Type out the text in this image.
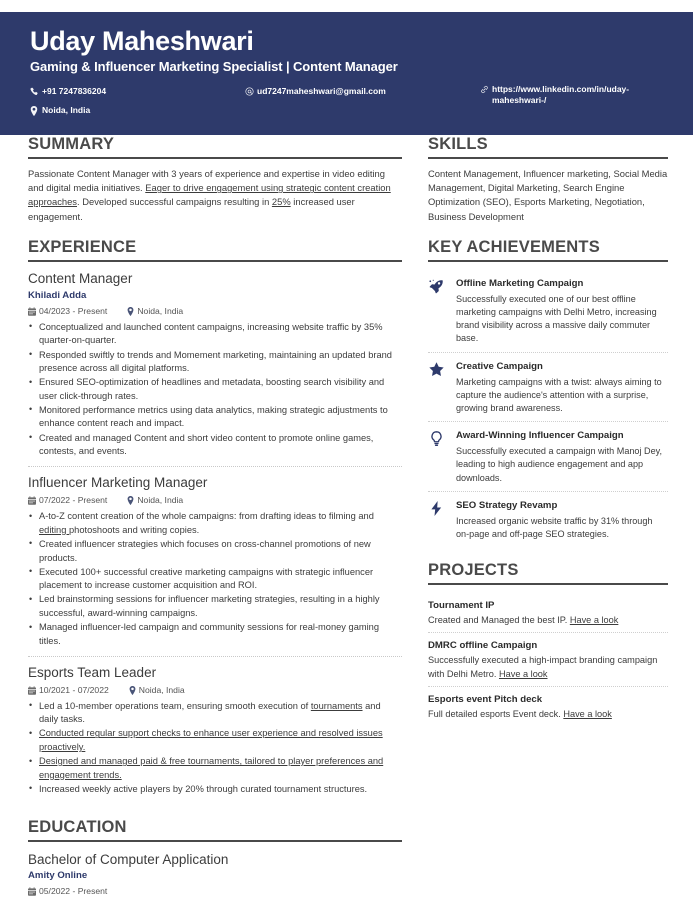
Uday Maheshwari
Gaming & Influencer Marketing Specialist | Content Manager
+91 7247836204
Noida, India
ud7247maheshwari@gmail.com	https://www.linkedin.com/in/uday-maheshwari-/
SUMMARY
Passionate Content Manager with 3 years of experience and expertise in video editing and digital media initiatives. Eager to drive engagement using strategic content creation approaches. Developed successful campaigns resulting in 25% increased user engagement.
EXPERIENCE
Content Manager
Khiladi Adda
04/2023 - Present	Noida, India
• Conceptualized and launched content campaigns, increasing website traffic by 35% quarter-on-quarter.
• Responded swiftly to trends and Momement marketing, maintaining an updated brand presence across all digital platforms.
• Ensured SEO-optimization of headlines and metadata, boosting search visibility and user click-through rates.
• Monitored performance metrics using data analytics, making strategic adjustments to enhance content reach and impact.
• Created and managed Content and short video content to promote online games, contests, and events.
Influencer Marketing Manager
07/2022 - Present	Noida, India
• A-to-Z content creation of the whole campaigns: from drafting ideas to filming and editing photoshoots and writing copies.
• Created influencer strategies which focuses on cross-channel promotions of new products.
• Executed 100+ successful creative marketing campaigns with strategic influencer placement to increase customer acquisition and ROI.
• Led brainstorming sessions for influencer marketing strategies, resulting in a highly successful, award-winning campaigns.
• Managed influencer-led campaign and community sessions for real-money gaming titles.
Esports Team Leader
10/2021 - 07/2022	Noida, India
• Led a 10-member operations team, ensuring smooth execution of tournaments and daily tasks.
• Conducted regular support checks to enhance user experience and resolved issues proactively.
• Designed and managed paid & free tournaments, tailored to player preferences and engagement trends.
• Increased weekly active players by 20% through curated tournament structures.
EDUCATION
Bachelor of Computer Application
Amity Online
05/2022 - Present
SKILLS
Content Management, Influencer marketing, Social Media Management, Digital Marketing, Search Engine Optimization (SEO), Esports Marketing, Negotiation, Business Development
KEY ACHIEVEMENTS
Offline Marketing Campaign
Successfully executed one of our best offline marketing campaigns with Delhi Metro, increasing brand visibility across a massive daily commuter base.
Creative Campaign
Marketing campaigns with a twist: always aiming to capture the audience's attention with a surprise, growing brand awareness.
Award-Winning Influencer Campaign
Successfully executed a campaign with Manoj Dey, leading to high audience engagement and app downloads.
SEO Strategy Revamp
Increased organic website traffic by 31% through on-page and off-page SEO strategies.
PROJECTS
Tournament IP
Created and Managed the best IP. Have a look
DMRC offline Campaign
Successfully executed a high-impact branding campaign with Delhi Metro. Have a look
Esports event Pitch deck
Full detailed esports Event deck. Have a look
